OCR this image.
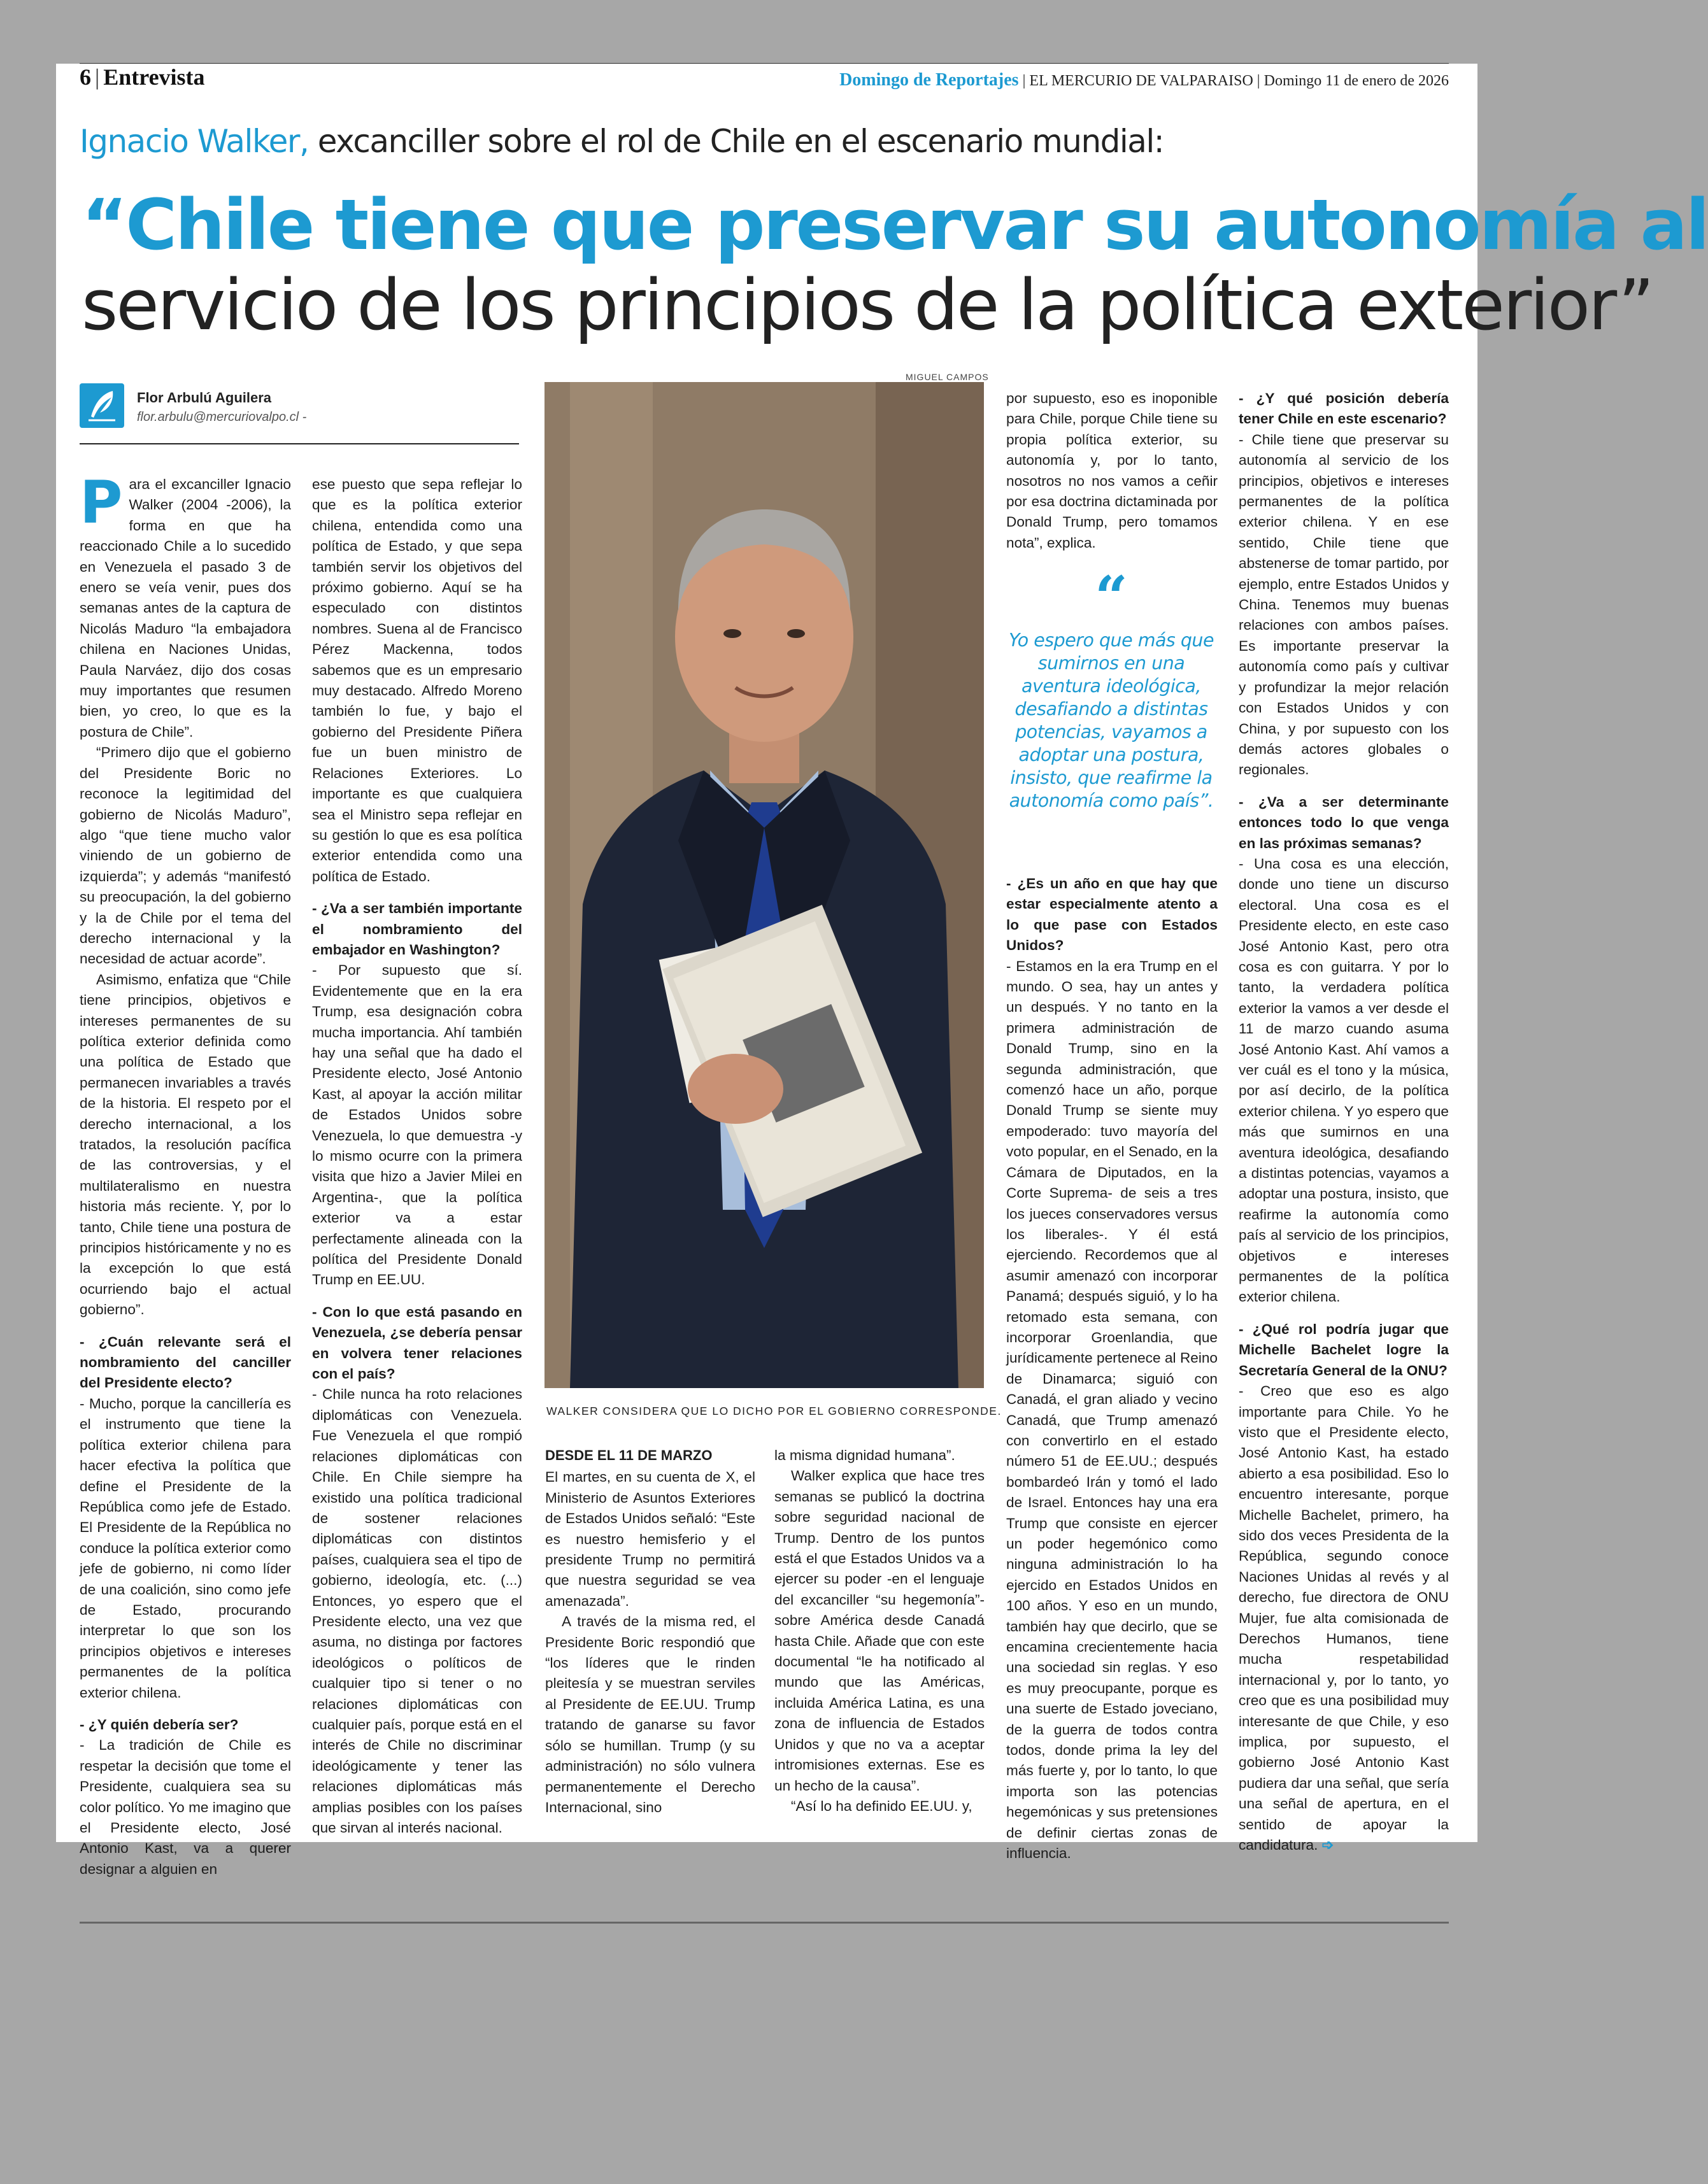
6 | Entrevista	Domingo de Reportajes | EL MERCURIO DE VALPARAISO | Domingo 11 de enero de 2026
Ignacio Walker, excanciller sobre el rol de Chile en el escenario mundial:
“Chile tiene que preservar su autonomía al
servicio de los principios de la política exterior”
Flor Arbulú Aguilera
flor.arbulu@mercuriovalpo.cl -

Para el excanciller Ignacio Walker (2004 -2006), la forma en que ha reaccionado Chile a lo sucedido en Venezuela el pasado 3 de enero se veía venir, pues dos semanas antes de la captura de Nicolás Maduro “la embajadora chilena en Naciones Unidas, Paula Narváez, dijo dos cosas muy importantes que resumen bien, yo creo, lo que es la postura de Chile”.

“Primero dijo que el gobierno del Presidente Boric no reconoce la legitimidad del gobierno de Nicolás Maduro”, algo “que tiene mucho valor viniendo de un gobierno de izquierda”; y además “manifestó su preocupación, la del gobierno y la de Chile por el tema del derecho internacional y la necesidad de actuar acorde”.

Asimismo, enfatiza que “Chile tiene principios, objetivos e intereses permanentes de su política exterior definida como una política de Estado que permanecen invariables a través de la historia. El respeto por el derecho internacional, a los tratados, la resolución pacífica de las controversias, y el multilateralismo en nuestra historia más reciente. Y, por lo tanto, Chile tiene una postura de principios históricamente y no es la excepción lo que está ocurriendo bajo el actual gobierno”.

- ¿Cuán relevante será el nombramiento del canciller del Presidente electo?

- Mucho, porque la cancillería es el instrumento que tiene la política exterior chilena para hacer efectiva la política que define el Presidente de la República como jefe de Estado. El Presidente de la República no conduce la política exterior como jefe de gobierno, ni como líder de una coalición, sino como jefe de Estado, procurando interpretar lo que son los principios objetivos e intereses permanentes de la política exterior chilena.

- ¿Y quién debería ser?

- La tradición de Chile es respetar la decisión que tome el Presidente, cualquiera sea su color político. Yo me imagino que el Presidente electo, José Antonio Kast, va a querer designar a alguien en

ese puesto que sepa reflejar lo que es la política exterior chilena, entendida como una política de Estado, y que sepa también servir los objetivos del próximo gobierno. Aquí se ha especulado con distintos nombres. Suena al de Francisco Pérez Mackenna, todos sabemos que es un empresario muy destacado. Alfredo Moreno también lo fue, y bajo el gobierno del Presidente Piñera fue un buen ministro de Relaciones Exteriores. Lo importante es que cualquiera sea el Ministro sepa reflejar en su gestión lo que es esa política exterior entendida como una política de Estado.

- ¿Va a ser también importante el nombramiento del embajador en Washington?

- Por supuesto que sí. Evidentemente que en la era Trump, esa designación cobra mucha importancia. Ahí también hay una señal que ha dado el Presidente electo, José Antonio Kast, al apoyar la acción militar de Estados Unidos sobre Venezuela, lo que demuestra -y lo mismo ocurre con la primera visita que hizo a Javier Milei en Argentina-, que la política exterior va a estar perfectamente alineada con la política del Presidente Donald Trump en EE.UU.

- Con lo que está pasando en Venezuela, ¿se debería pensar en volvera tener relaciones con el país?

- Chile nunca ha roto relaciones diplomáticas con Venezuela. Fue Venezuela el que rompió relaciones diplomáticas con Chile. En Chile siempre ha existido una política tradicional de sostener relaciones diplomáticas con distintos países, cualquiera sea el tipo de gobierno, ideología, etc. (...) Entonces, yo espero que el Presidente electo, una vez que asuma, no distinga por factores ideológicos o políticos de cualquier tipo si tener o no relaciones diplomáticas con cualquier país, porque está en el interés de Chile no discriminar ideológicamente y tener las relaciones diplomáticas más amplias posibles con los países que sirvan al interés nacional.

MIGUEL CAMPOS
WALKER CONSIDERA QUE LO DICHO POR EL GOBIERNO CORRESPONDE.

DESDE EL 11 DE MARZO

El martes, en su cuenta de X, el Ministerio de Asuntos Exteriores de Estados Unidos señaló: “Este es nuestro hemisferio y el presidente Trump no permitirá que nuestra seguridad se vea amenazada”.

A través de la misma red, el Presidente Boric respondió que “los líderes que le rinden pleitesía y se muestran serviles al Presidente de EE.UU. Trump tratando de ganarse su favor sólo se humillan. Trump (y su administración) no sólo vulnera permanentemente el Derecho Internacional, sino

la misma dignidad humana”.

Walker explica que hace tres semanas se publicó la doctrina sobre seguridad nacional de Trump. Dentro de los puntos está el que Estados Unidos va a ejercer su poder -en el lenguaje del excanciller “su hegemonía”- sobre América desde Canadá hasta Chile. Añade que con este documental “le ha notificado al mundo que las Américas, incluida América Latina, es una zona de influencia de Estados Unidos y que no va a aceptar intromisiones externas. Ese es un hecho de la causa”.

“Así lo ha definido EE.UU. y,

por supuesto, eso es inoponible para Chile, porque Chile tiene su propia política exterior, su autonomía y, por lo tanto, nosotros no nos vamos a ceñir por esa doctrina dictaminada por Donald Trump, pero tomamos nota”, explica.

“
Yo espero que más que sumirnos en una aventura ideológica, desafiando a distintas potencias, vayamos a adoptar una postura, insisto, que reafirme la autonomía como país”.

- ¿Es un año en que hay que estar especialmente atento a lo que pase con Estados Unidos?

- Estamos en la era Trump en el mundo. O sea, hay un antes y un después. Y no tanto en la primera administración de Donald Trump, sino en la segunda administración, que comenzó hace un año, porque Donald Trump se siente muy empoderado: tuvo mayoría del voto popular, en el Senado, en la Cámara de Diputados, en la Corte Suprema- de seis a tres los jueces conservadores versus los liberales-. Y él está ejerciendo. Recordemos que al asumir amenazó con incorporar Panamá; después siguió, y lo ha retomado esta semana, con incorporar Groenlandia, que jurídicamente pertenece al Reino de Dinamarca; siguió con Canadá, el gran aliado y vecino Canadá, que Trump amenazó con convertirlo en el estado número 51 de EE.UU.; después bombardeó Irán y tomó el lado de Israel. Entonces hay una era Trump que consiste en ejercer un poder hegemónico como ninguna administración lo ha ejercido en Estados Unidos en 100 años. Y eso en un mundo, también hay que decirlo, que se encamina crecientemente hacia una sociedad sin reglas. Y eso es muy preocupante, porque es una suerte de Estado joveciano, de la guerra de todos contra todos, donde prima la ley del más fuerte y, por lo tanto, lo que importa son las potencias hegemónicas y sus pretensiones de definir ciertas zonas de influencia.

- ¿Y qué posición debería tener Chile en este escenario?

- Chile tiene que preservar su autonomía al servicio de los principios, objetivos e intereses permanentes de la política exterior chilena. Y en ese sentido, Chile tiene que abstenerse de tomar partido, por ejemplo, entre Estados Unidos y China. Tenemos muy buenas relaciones con ambos países. Es importante preservar la autonomía como país y cultivar y profundizar la mejor relación con Estados Unidos y con China, y por supuesto con los demás actores globales o regionales.

- ¿Va a ser determinante entonces todo lo que venga en las próximas semanas?

- Una cosa es una elección, donde uno tiene un discurso electoral. Una cosa es el Presidente electo, en este caso José Antonio Kast, pero otra cosa es con guitarra. Y por lo tanto, la verdadera política exterior la vamos a ver desde el 11 de marzo cuando asuma José Antonio Kast. Ahí vamos a ver cuál es el tono y la música, por así decirlo, de la política exterior chilena. Y yo espero que más que sumirnos en una aventura ideológica, desafiando a distintas potencias, vayamos a adoptar una postura, insisto, que reafirme la autonomía como país al servicio de los principios, objetivos e intereses permanentes de la política exterior chilena.

- ¿Qué rol podría jugar que Michelle Bachelet logre la Secretaría General de la ONU?

- Creo que eso es algo importante para Chile. Yo he visto que el Presidente electo, José Antonio Kast, ha estado abierto a esa posibilidad. Eso lo encuentro interesante, porque Michelle Bachelet, primero, ha sido dos veces Presidenta de la República, segundo conoce Naciones Unidas al revés y al derecho, fue directora de ONU Mujer, fue alta comisionada de Derechos Humanos, tiene mucha respetabilidad internacional y, por lo tanto, yo creo que es una posibilidad muy interesante de que Chile, y eso implica, por supuesto, el gobierno José Antonio Kast pudiera dar una señal, que sería una señal de apertura, en el sentido de apoyar la candidatura. ➩
